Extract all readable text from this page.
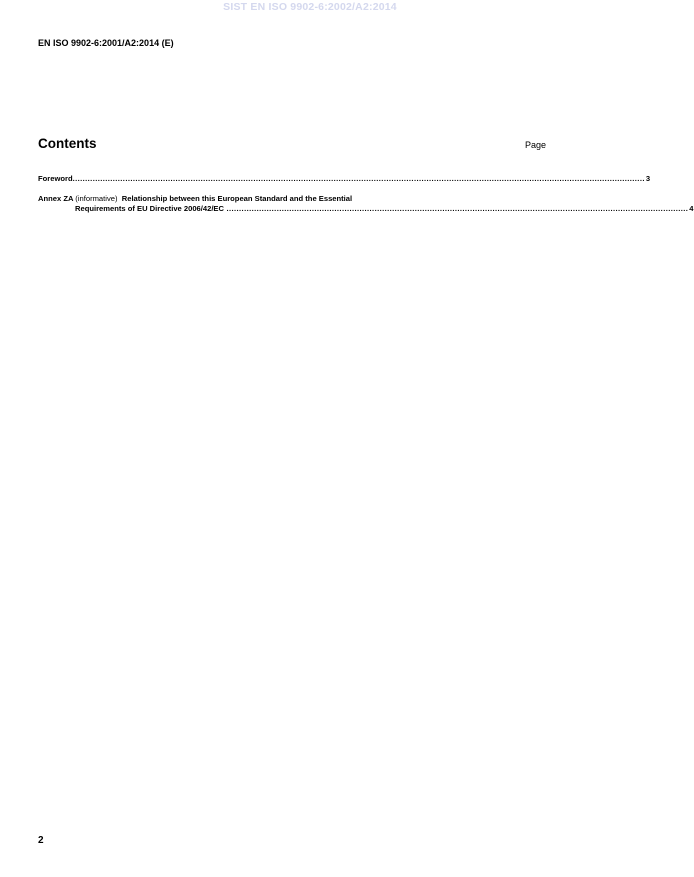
SIST EN ISO 9902-6:2002/A2:2014
EN ISO 9902-6:2001/A2:2014 (E)
Contents	Page
Foreword .................................................................................................................................................................................................................................... 3
Annex ZA (informative) Relationship between this European Standard and the Essential
Requirements of EU Directive 2006/42/EC ........................................................................................................................................................................................ 4
2
